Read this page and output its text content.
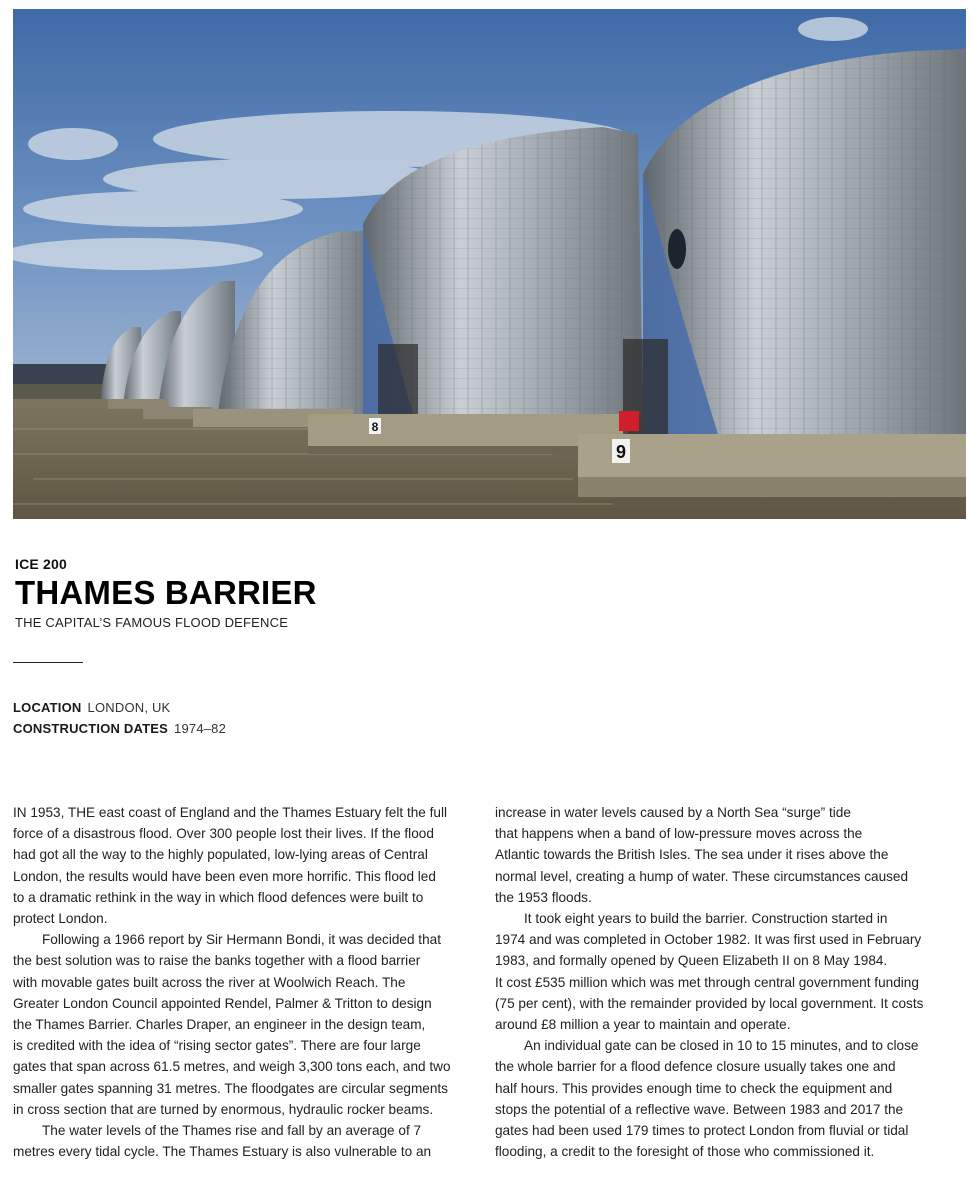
8
9
ICE 200
THAMES BARRIER
THE CAPITAL’S FAMOUS FLOOD DEFENCE
LOCATION LONDON, UK
CONSTRUCTION DATES 1974–82

IN 1953, THE east coast of England and the Thames Estuary felt the full

force of a disastrous flood. Over 300 people lost their lives. If the flood

had got all the way to the highly populated, low-lying areas of Central

London, the results would have been even more horrific. This flood led

to a dramatic rethink in the way in which flood defences were built to

protect London.

Following a 1966 report by Sir Hermann Bondi, it was decided that

the best solution was to raise the banks together with a flood barrier

with movable gates built across the river at Woolwich Reach. The

Greater London Council appointed Rendel, Palmer & Tritton to design

the Thames Barrier. Charles Draper, an engineer in the design team,

is credited with the idea of “rising sector gates”. There are four large

gates that span across 61.5 metres, and weigh 3,300 tons each, and two

smaller gates spanning 31 metres. The floodgates are circular segments

in cross section that are turned by enormous, hydraulic rocker beams.

The water levels of the Thames rise and fall by an average of 7

metres every tidal cycle. The Thames Estuary is also vulnerable to an

increase in water levels caused by a North Sea “surge” tide

that happens when a band of low-pressure moves across the

Atlantic towards the British Isles. The sea under it rises above the

normal level, creating a hump of water. These circumstances caused

the 1953 floods.

It took eight years to build the barrier. Construction started in

1974 and was completed in October 1982. It was first used in February

1983, and formally opened by Queen Elizabeth II on 8 May 1984.

It cost £535 million which was met through central government funding

(75 per cent), with the remainder provided by local government. It costs

around £8 million a year to maintain and operate.

An individual gate can be closed in 10 to 15 minutes, and to close

the whole barrier for a flood defence closure usually takes one and

half hours. This provides enough time to check the equipment and

stops the potential of a reflective wave. Between 1983 and 2017 the

gates had been used 179 times to protect London from fluvial or tidal

flooding, a credit to the foresight of those who commissioned it.
